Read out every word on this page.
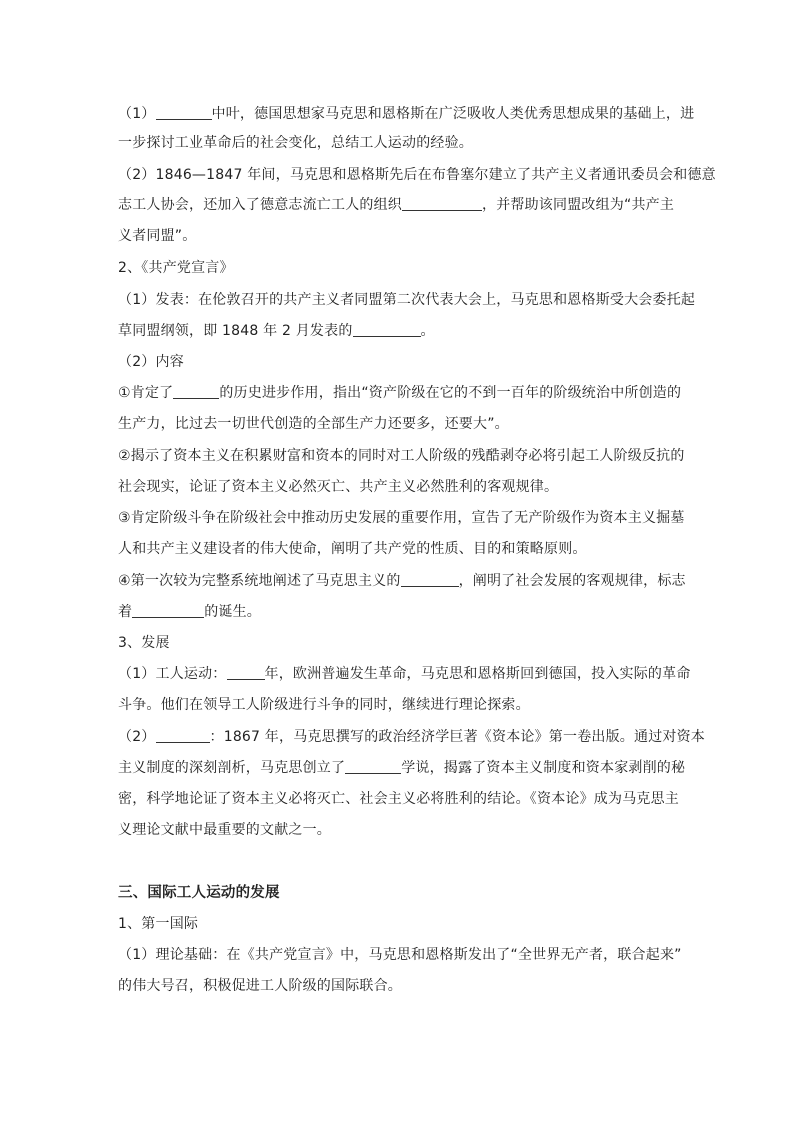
（1）	中叶，德国思想家马克思和恩格斯在广泛吸收人类优秀思想成果的基础上，进
一步探讨工业革命后的社会变化，总结工人运动的经验。
（2）1846—1847 年间，马克思和恩格斯先后在布鲁塞尔建立了共产主义者通讯委员会和德意
志工人协会，还加入了德意志流亡工人的组织	，并帮助该同盟改组为“共产主
义者同盟”。
2、《共产党宣言》
（1）发表：在伦敦召开的共产主义者同盟第二次代表大会上，马克思和恩格斯受大会委托起
草同盟纲领，即 1848 年 2 月发表的	。
（2）内容
①肯定了	的历史进步作用，指出“资产阶级在它的不到一百年的阶级统治中所创造的
生产力，比过去一切世代创造的全部生产力还要多，还要大”。
②揭示了资本主义在积累财富和资本的同时对工人阶级的残酷剥夺必将引起工人阶级反抗的
社会现实，论证了资本主义必然灭亡、共产主义必然胜利的客观规律。
③肯定阶级斗争在阶级社会中推动历史发展的重要作用，宣告了无产阶级作为资本主义掘墓
人和共产主义建设者的伟大使命，阐明了共产党的性质、目的和策略原则。
④第一次较为完整系统地阐述了马克思主义的	，阐明了社会发展的客观规律，标志
着	的诞生。
3、发展
（1）工人运动：	年，欧洲普遍发生革命，马克思和恩格斯回到德国，投入实际的革命
斗争。他们在领导工人阶级进行斗争的同时，继续进行理论探索。
（2）	：1867 年，马克思撰写的政治经济学巨著《资本论》第一卷出版。通过对资本
主义制度的深刻剖析，马克思创立了	学说，揭露了资本主义制度和资本家剥削的秘
密，科学地论证了资本主义必将灭亡、社会主义必将胜利的结论。《资本论》成为马克思主
义理论文献中最重要的文献之一。
三、国际工人运动的发展
1、第一国际
（1）理论基础：在《共产党宣言》中，马克思和恩格斯发出了“全世界无产者，联合起来”
的伟大号召，积极促进工人阶级的国际联合。
